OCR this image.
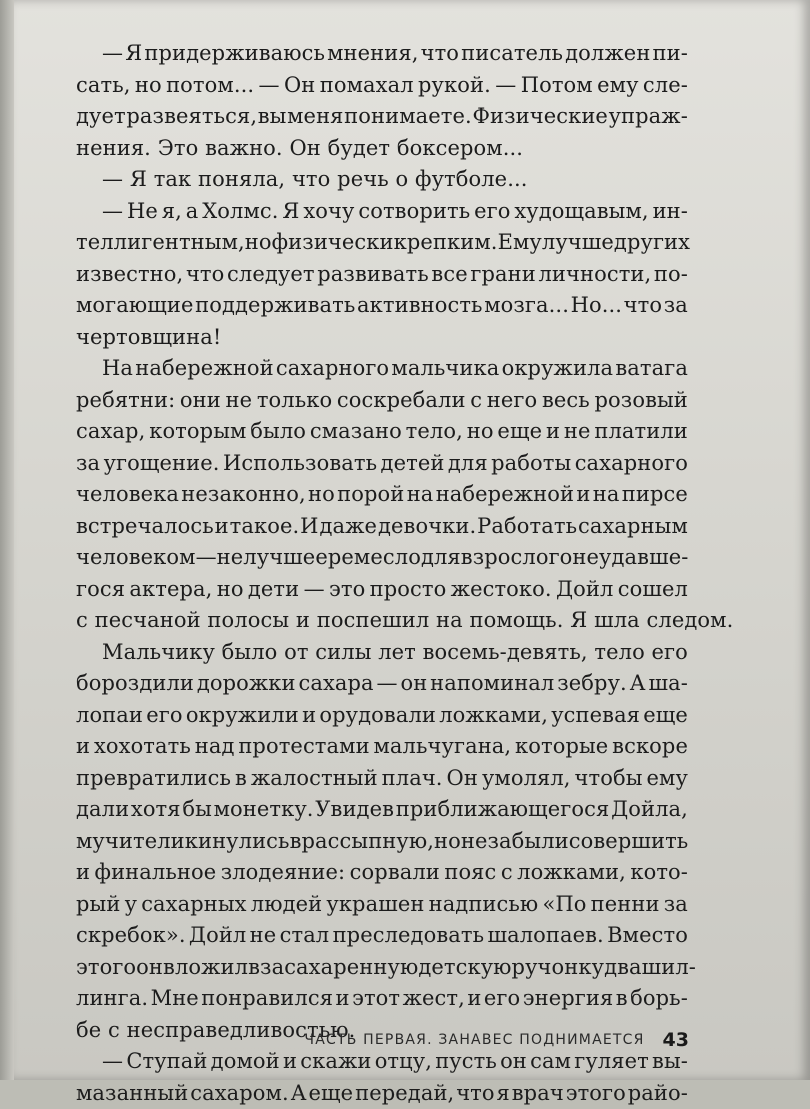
— Я придерживаюсь мнения, что писатель должен пи-
сать, но потом... — Он помахал рукой. — Потом ему сле-
дует развеяться, вы меня понимаете. Физические упраж-
нения. Это важно. Он будет боксером...
— Я так поняла, что речь о футболе...
— Не я, а Холмс. Я хочу сотворить его худощавым, ин-
теллигентным, но физически крепким. Ему лучше других
известно, что следует развивать все грани личности, по-
могающие поддерживать активность мозга... Но... что за
чертовщина!
На набережной сахарного мальчика окружила ватага
ребятни: они не только соскребали с него весь розовый
сахар, которым было смазано тело, но еще и не платили
за угощение. Использовать детей для работы сахарного
человека незаконно, но порой на набережной и на пирсе
встречалось и такое. И даже девочки. Работать сахарным
человеком — не лучшее ремесло для взрослого неудавше-
гося актера, но дети — это просто жестоко. Дойл сошел
с песчаной полосы и поспешил на помощь. Я шла следом.
Мальчику было от силы лет восемь-девять, тело его
бороздили дорожки сахара — он напоминал зебру. А ша-
лопаи его окружили и орудовали ложками, успевая еще
и хохотать над протестами мальчугана, которые вскоре
превратились в жалостный плач. Он умолял, чтобы ему
дали хотя бы монетку. Увидев приближающегося Дойла,
мучители кинулись врассыпную, но не забыли совершить
и финальное злодеяние: сорвали пояс с ложками, кото-
рый у сахарных людей украшен надписью «По пенни за
скребок». Дойл не стал преследовать шалопаев. Вместо
этого он вложил в засахаренную детскую ручонку два шил-
линга. Мне понравился и этот жест, и его энергия в борь-
бе с несправедливостью.
— Ступай домой и скажи отцу, пусть он сам гуляет вы-
мазанный сахаром. А еще передай, что я врач этого райо-
ЧАСТЬ ПЕРВАЯ. ЗАНАВЕС ПОДНИМАЕТСЯ 43
